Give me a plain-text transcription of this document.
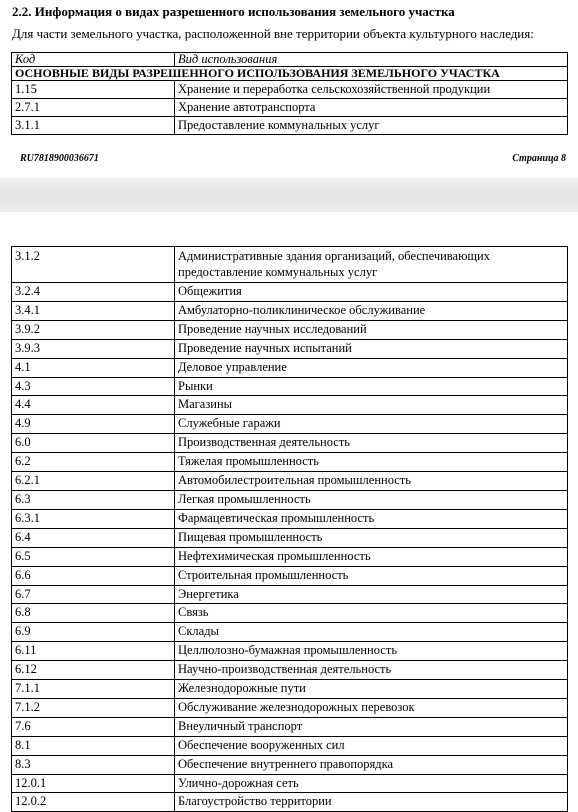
2.2. Информация о видах разрешенного использования земельного участка
Для части земельного участка, расположенной вне территории объекта культурного наследия:
Код	Вид использования
ОСНОВНЫЕ ВИДЫ РАЗРЕШЕННОГО ИСПОЛЬЗОВАНИЯ ЗЕМЕЛЬНОГО УЧАСТКА	
1.15	Хранение и переработка сельскохозяйственной продукции
2.7.1	Хранение автотранспорта
3.1.1	Предоставление коммунальных услуг
RU7818900036671	Страница 8
3.1.2	Административные здания организаций, обеспечивающих предоставление коммунальных услуг
3.2.4	Общежития
3.4.1	Амбулаторно-поликлиническое обслуживание
3.9.2	Проведение научных исследований
3.9.3	Проведение научных испытаний
4.1	Деловое управление
4.3	Рынки
4.4	Магазины
4.9	Служебные гаражи
6.0	Производственная деятельность
6.2	Тяжелая промышленность
6.2.1	Автомобилестроительная промышленность
6.3	Легкая промышленность
6.3.1	Фармацевтическая промышленность
6.4	Пищевая промышленность
6.5	Нефтехимическая промышленность
6.6	Строительная промышленность
6.7	Энергетика
6.8	Связь
6.9	Склады
6.11	Целлюлозно-бумажная промышленность
6.12	Научно-производственная деятельность
7.1.1	Железнодорожные пути
7.1.2	Обслуживание железнодорожных перевозок
7.6	Внеуличный транспорт
8.1	Обеспечение вооруженных сил
8.3	Обеспечение внутреннего правопорядка
12.0.1	Улично-дорожная сеть
12.0.2	Благоустройство территории
